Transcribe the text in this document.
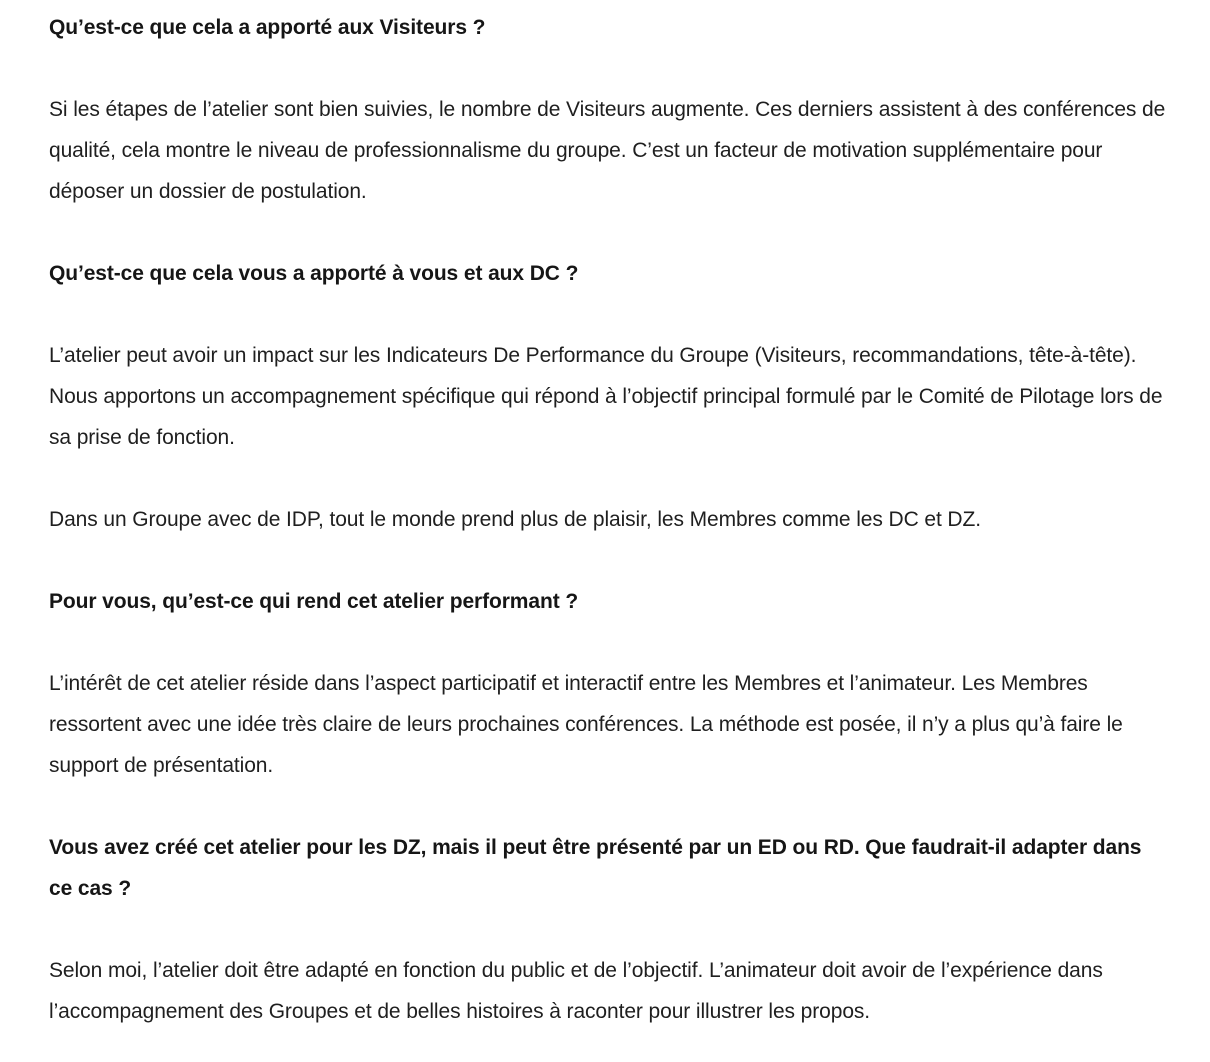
Qu’est-ce que cela a apporté aux Visiteurs ?

Si les étapes de l’atelier sont bien suivies, le nombre de Visiteurs augmente. Ces derniers assistent à des conférences de qualité, cela montre le niveau de professionnalisme du groupe. C’est un facteur de motivation supplémentaire pour déposer un dossier de postulation.

Qu’est-ce que cela vous a apporté à vous et aux DC ?

L’atelier peut avoir un impact sur les Indicateurs De Performance du Groupe (Visiteurs, recommandations, tête-à-tête). Nous apportons un accompagnement spécifique qui répond à l’objectif principal formulé par le Comité de Pilotage lors de sa prise de fonction.

Dans un Groupe avec de IDP, tout le monde prend plus de plaisir, les Membres comme les DC et DZ.

Pour vous, qu’est-ce qui rend cet atelier performant ?

L’intérêt de cet atelier réside dans l’aspect participatif et interactif entre les Membres et l’animateur. Les Membres ressortent avec une idée très claire de leurs prochaines conférences. La méthode est posée, il n’y a plus qu’à faire le support de présentation.

Vous avez créé cet atelier pour les DZ, mais il peut être présenté par un ED ou RD. Que faudrait-il adapter dans ce cas ?

Selon moi, l’atelier doit être adapté en fonction du public et de l’objectif. L’animateur doit avoir de l’expérience dans l’accompagnement des Groupes et de belles histoires à raconter pour illustrer les propos.
